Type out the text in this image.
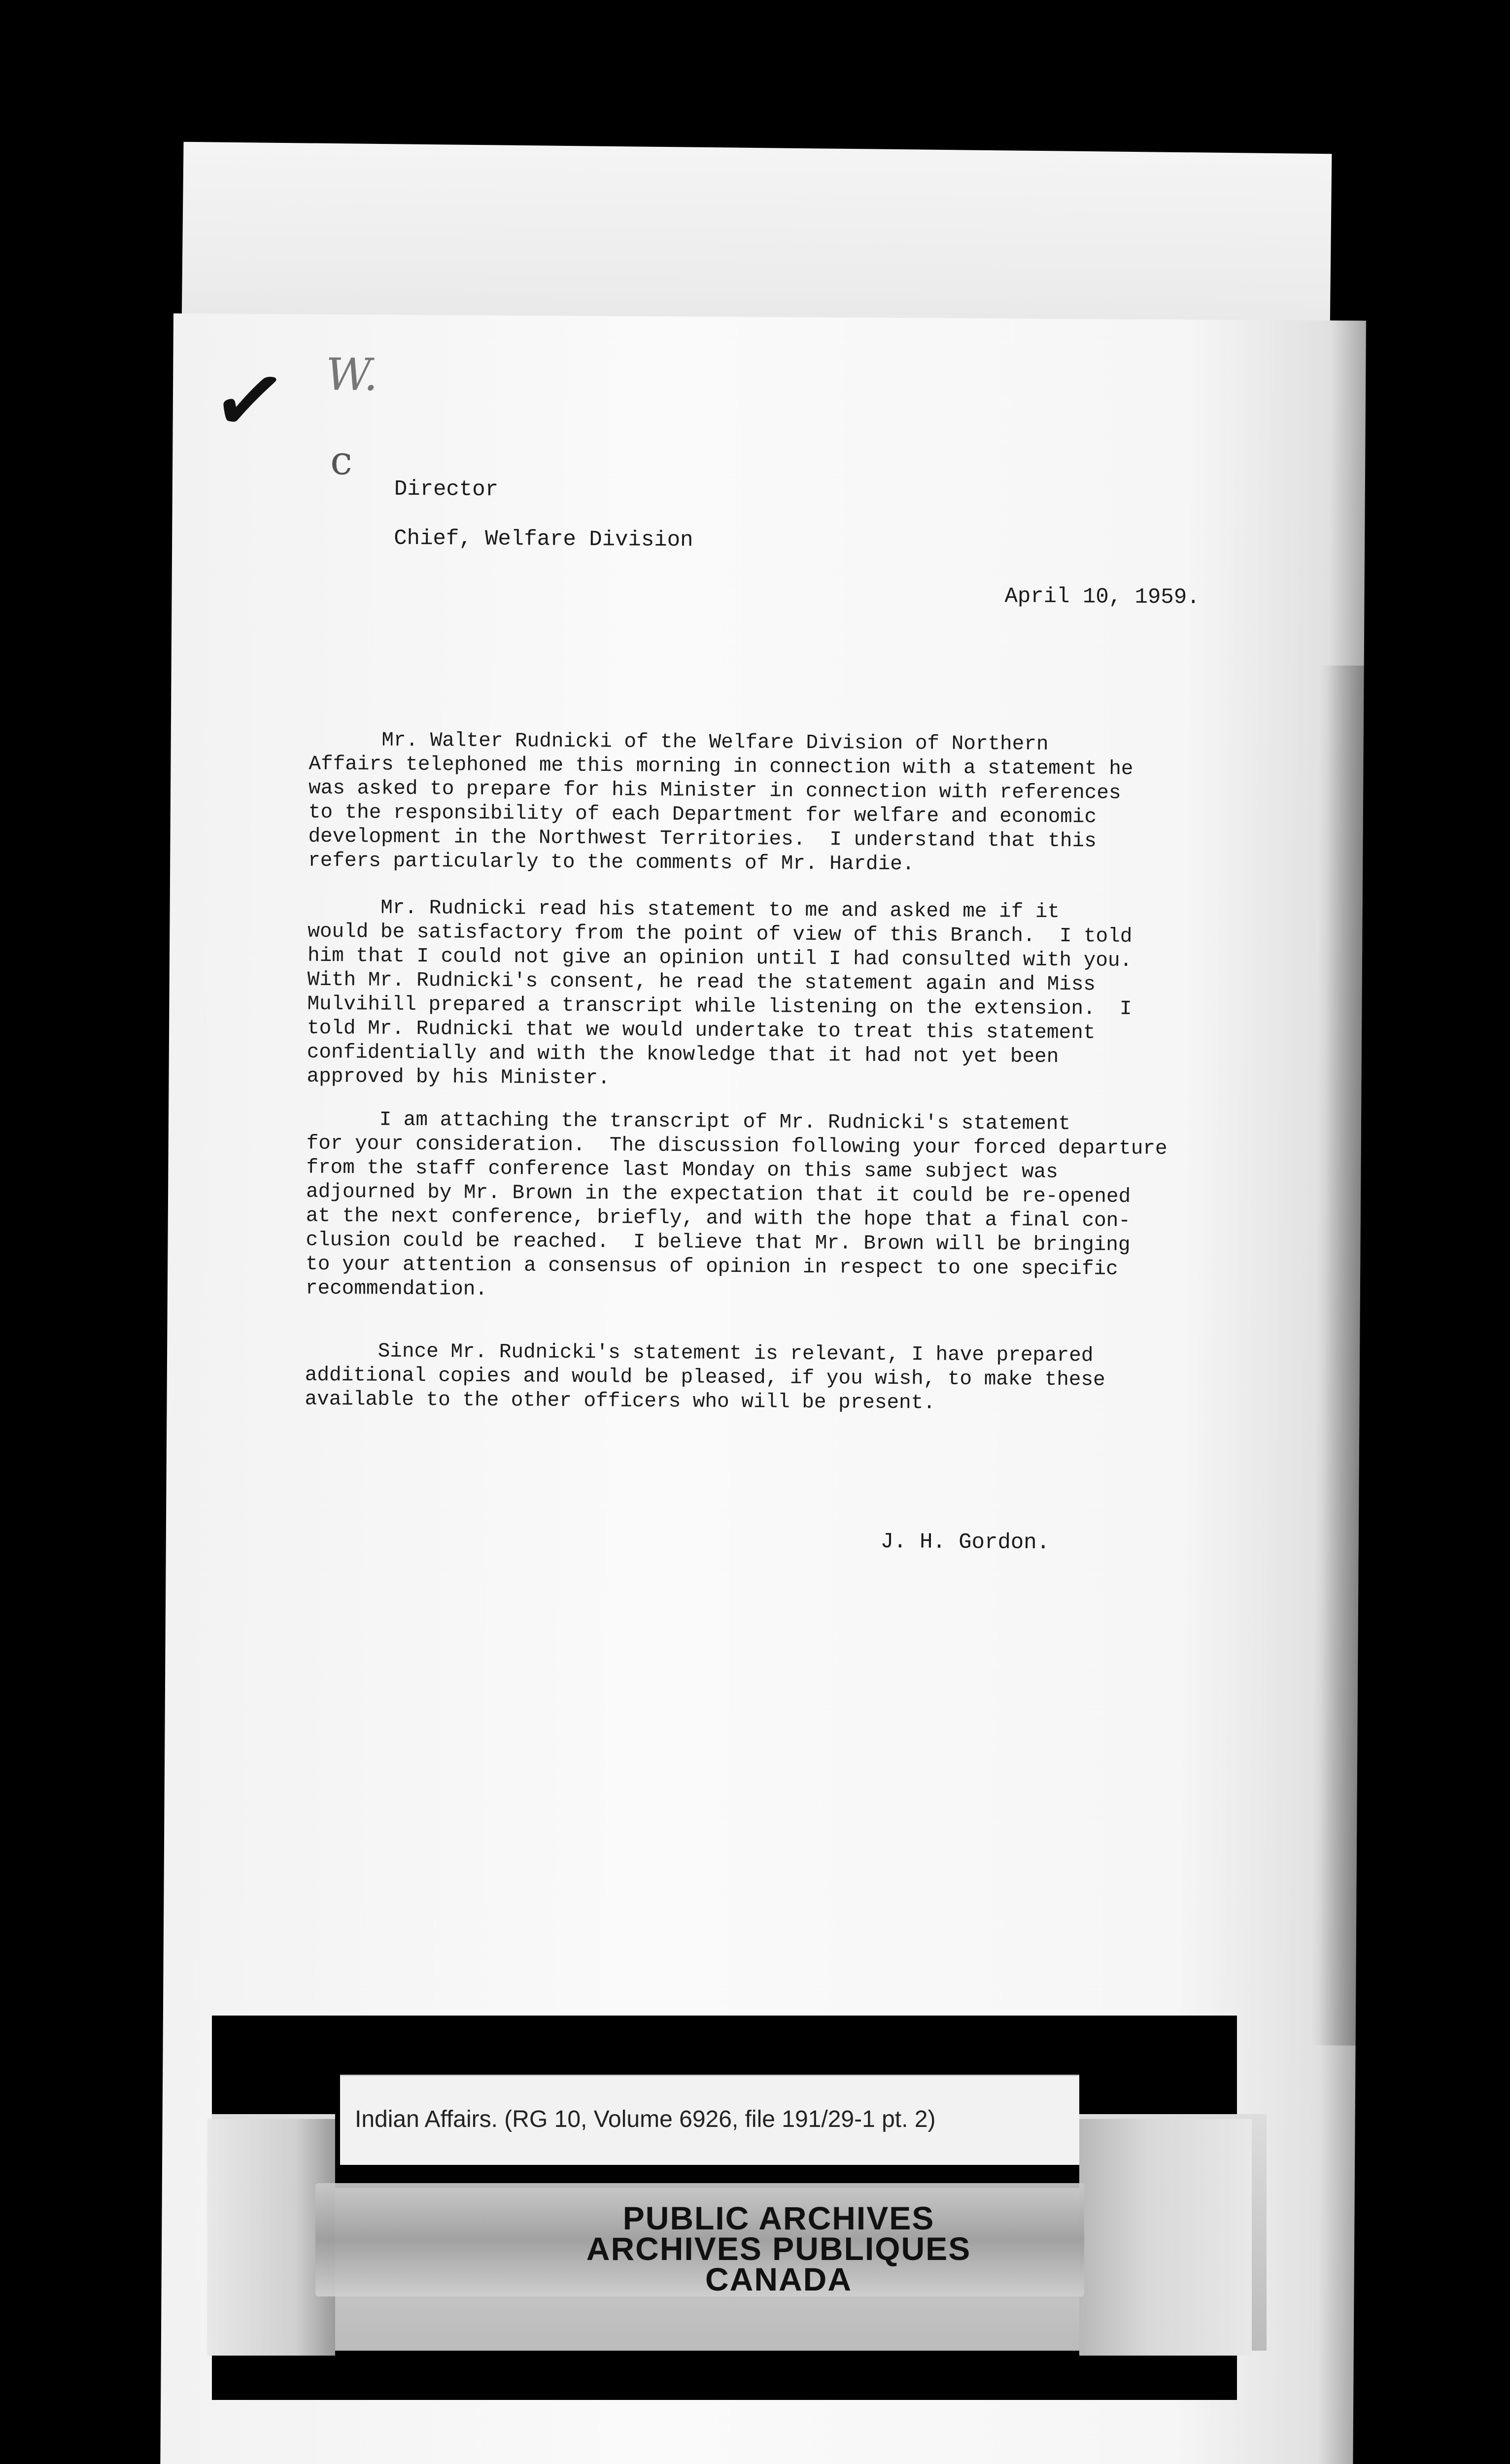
✓ W.
c
Director
Chief, Welfare Division
April 10, 1959.
Mr. Walter Rudnicki of the Welfare Division of Northern
Affairs telephoned me this morning in connection with a statement he
was asked to prepare for his Minister in connection with references
to the responsibility of each Department for welfare and economic
development in the Northwest Territories.  I understand that this
refers particularly to the comments of Mr. Hardie.
Mr. Rudnicki read his statement to me and asked me if it
would be satisfactory from the point of view of this Branch.  I told
him that I could not give an opinion until I had consulted with you.
With Mr. Rudnicki's consent, he read the statement again and Miss
Mulvihill prepared a transcript while listening on the extension.  I
told Mr. Rudnicki that we would undertake to treat this statement
confidentially and with the knowledge that it had not yet been
approved by his Minister.
I am attaching the transcript of Mr. Rudnicki's statement
for your consideration.  The discussion following your forced departure
from the staff conference last Monday on this same subject was
adjourned by Mr. Brown in the expectation that it could be re-opened
at the next conference, briefly, and with the hope that a final con-
clusion could be reached.  I believe that Mr. Brown will be bringing
to your attention a consensus of opinion in respect to one specific
recommendation.
Since Mr. Rudnicki's statement is relevant, I have prepared
additional copies and would be pleased, if you wish, to make these
available to the other officers who will be present.
J. H. Gordon.
Indian Affairs. (RG 10, Volume 6926, file 191/29-1 pt. 2)
PUBLIC ARCHIVES
ARCHIVES PUBLIQUES
CANADA
